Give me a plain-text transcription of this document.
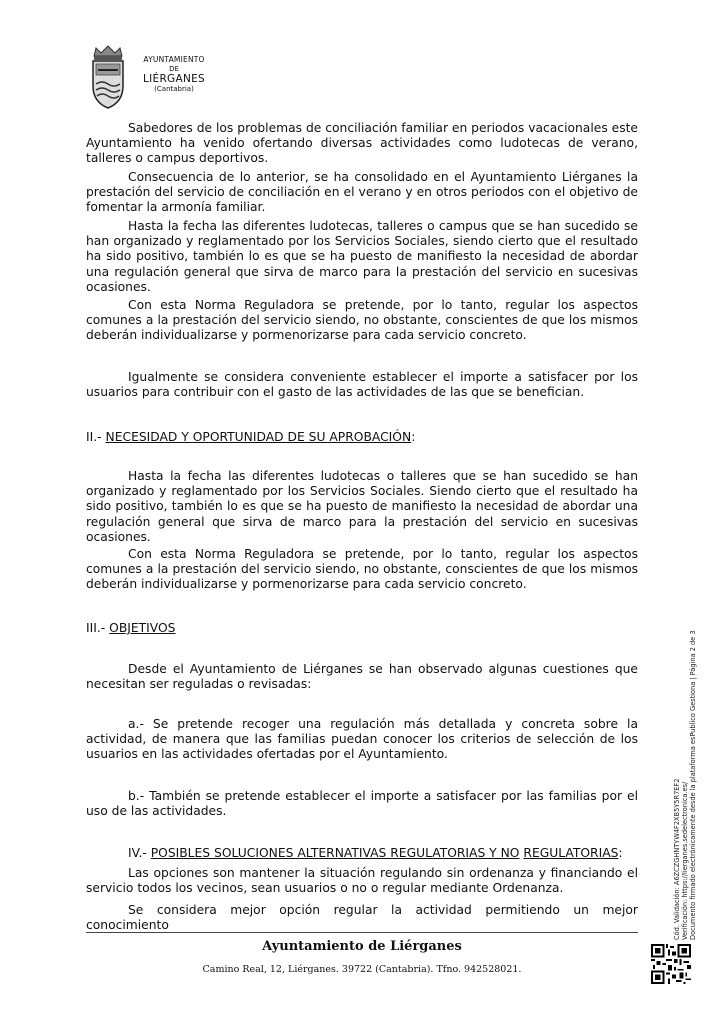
AYUNTAMIENTO
DE
LIÉRGANES
(Cantabria)

Sabedores de los problemas de conciliación familiar en periodos vacacionales este Ayuntamiento ha venido ofertando diversas actividades como ludotecas de verano, talleres o campus deportivos.

Consecuencia de lo anterior, se ha consolidado en el Ayuntamiento Liérganes la prestación del servicio de conciliación en el verano y en otros periodos con el objetivo de fomentar la armonía familiar.

Hasta la fecha las diferentes ludotecas, talleres o campus que se han sucedido se han organizado y reglamentado por los Servicios Sociales, siendo cierto que el resultado ha sido positivo, también lo es que se ha puesto de manifiesto la necesidad de abordar una regulación general que sirva de marco para la prestación del servicio en sucesivas ocasiones.

Con esta Norma Reguladora se pretende, por lo tanto, regular los aspectos comunes a la prestación del servicio siendo, no obstante, conscientes de que los mismos deberán individualizarse y pormenorizarse para cada servicio concreto.

Igualmente se considera conveniente establecer el importe a satisfacer por los usuarios para contribuir con el gasto de las actividades de las que se benefician.

II.- NECESIDAD Y OPORTUNIDAD DE SU APROBACIÓN:

Hasta la fecha las diferentes ludotecas o talleres que se han sucedido se han organizado y reglamentado por los Servicios Sociales. Siendo cierto que el resultado ha sido positivo, también lo es que se ha puesto de manifiesto la necesidad de abordar una regulación general que sirva de marco para la prestación del servicio en sucesivas ocasiones.

Con esta Norma Reguladora se pretende, por lo tanto, regular los aspectos comunes a la prestación del servicio siendo, no obstante, conscientes de que los mismos deberán individualizarse y pormenorizarse para cada servicio concreto.

III.- OBJETIVOS

Desde el Ayuntamiento de Liérganes se han observado algunas cuestiones que necesitan ser reguladas o revisadas:

a.- Se pretende recoger una regulación más detallada y concreta sobre la actividad, de manera que las familias puedan conocer los criterios de selección de los usuarios en las actividades ofertadas por el Ayuntamiento.

b.- También se pretende establecer el importe a satisfacer por las familias por el uso de las actividades.

IV.- POSIBLES SOLUCIONES ALTERNATIVAS REGULATORIAS Y NO REGULATORIAS:

Las opciones son mantener la situación regulando sin ordenanza y financiando el servicio todos los vecinos, sean usuarios o no o regular mediante Ordenanza.

Se considera mejor opción regular la actividad permitiendo un mejor conocimiento

Ayuntamiento de Liérganes
Camino Real, 12, Liérganes. 39722 (Cantabria). Tfno. 942528021.
Cód. Validación: A6ZCZGHNTYW4F2XB5Y5R7EF2 Verificación: https://lierganes.sedelectronica.es/ Documento firmado electrónicamente desde la plataforma esPublico Gestiona | Página 2 de 3
